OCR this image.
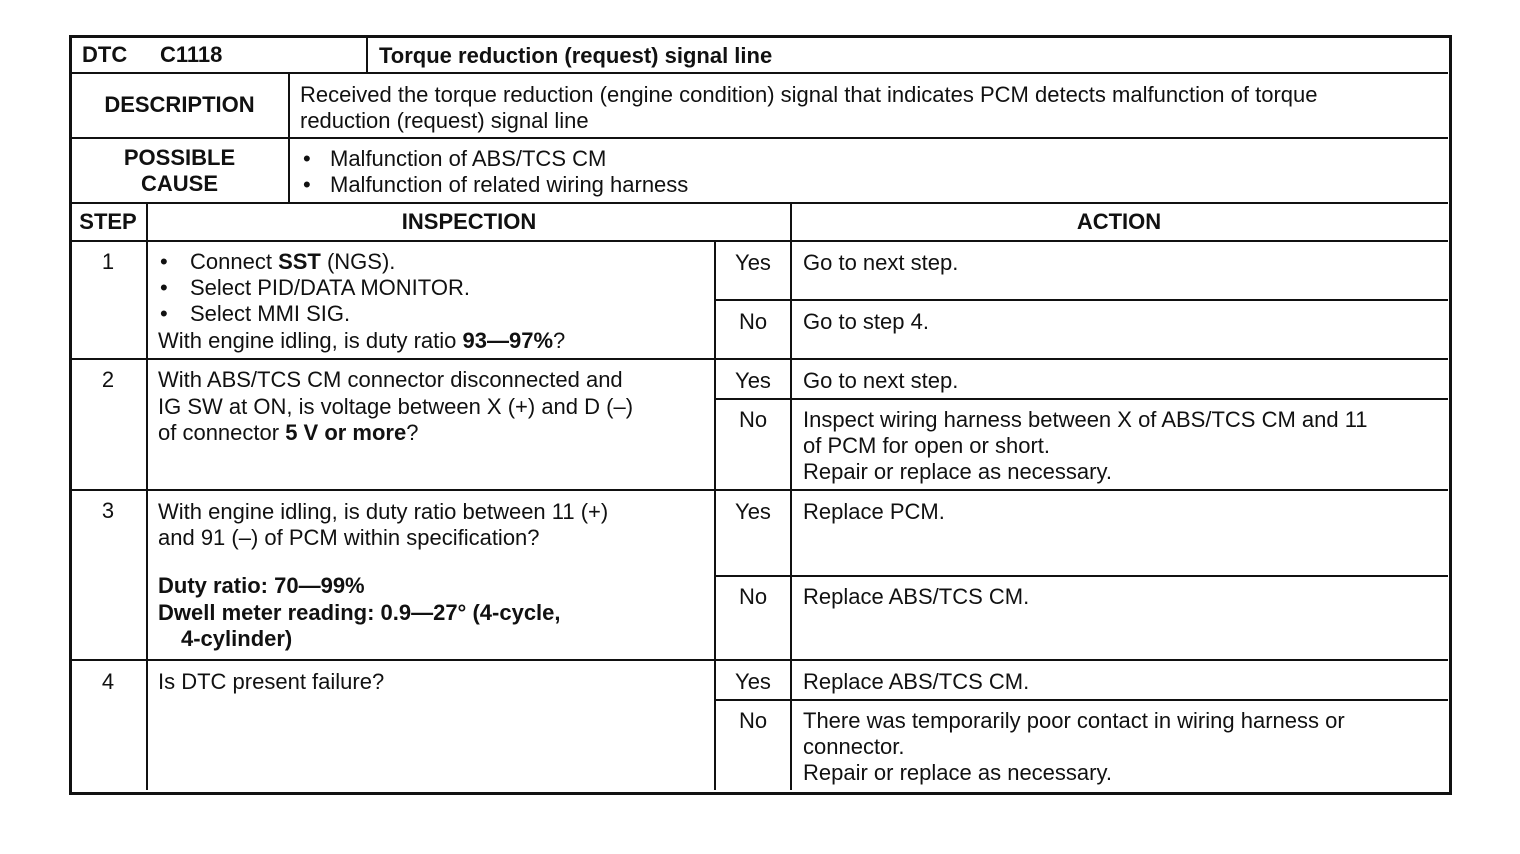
DTC C1118	Torque reduction (request) signal line
DESCRIPTION	Received the torque reduction (engine condition) signal that indicates PCM detects malfunction of torque
reduction (request) signal line
POSSIBLE
CAUSE
• Malfunction of ABS/TCS CM
• Malfunction of related wiring harness
STEP	INSPECTION	ACTION
1	• Connect SST (NGS).
• Select PID/DATA MONITOR.
• Select MMI SIG.
With engine idling, is duty ratio 93—97%?
Yes	Go to next step.
No	Go to step 4.
2	With ABS/TCS CM connector disconnected and
IG SW at ON, is voltage between X (+) and D (–)
of connector 5 V or more?
Yes	Go to next step.
No	Inspect wiring harness between X of ABS/TCS CM and 11
of PCM for open or short.
Repair or replace as necessary.
3	With engine idling, is duty ratio between 11 (+)
and 91 (–) of PCM within specification?
Duty ratio: 70—99%
Dwell meter reading: 0.9—27° (4-cycle,
4-cylinder)
Yes	Replace PCM.
No	Replace ABS/TCS CM.
4	Is DTC present failure?	Yes	Replace ABS/TCS CM.
No	There was temporarily poor contact in wiring harness or
connector.
Repair or replace as necessary.
